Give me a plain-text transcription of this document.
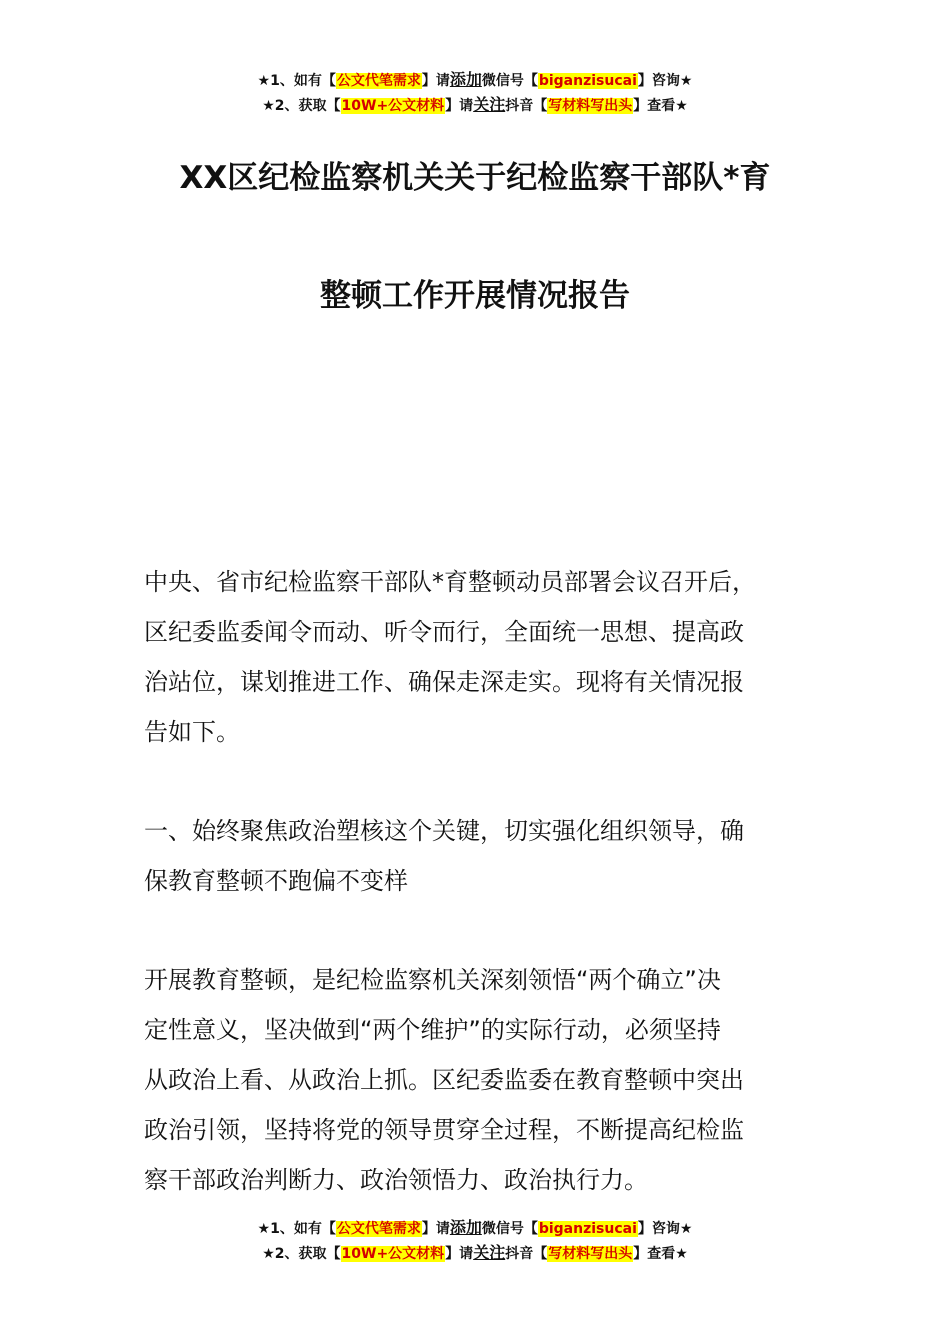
★1、如有【公文代笔需求】请添加微信号【biganzisucai】咨询★
★2、获取【10W+公文材料】请关注抖音【写材料写出头】查看★
XX区纪检监察机关关于纪检监察干部队*育
整顿工作开展情况报告
中央、省市纪检监察干部队*育整顿动员部署会议召开后，
区纪委监委闻令而动、听令而行，全面统一思想、提高政
治站位，谋划推进工作、确保走深走实。现将有关情况报
告如下。
一、始终聚焦政治塑核这个关键，切实强化组织领导，确
保教育整顿不跑偏不变样
开展教育整顿，是纪检监察机关深刻领悟“两个确立”决
定性意义，坚决做到“两个维护”的实际行动，必须坚持
从政治上看、从政治上抓。区纪委监委在教育整顿中突出
政治引领，坚持将党的领导贯穿全过程，不断提高纪检监
察干部政治判断力、政治领悟力、政治执行力。
★1、如有【公文代笔需求】请添加微信号【biganzisucai】咨询★
★2、获取【10W+公文材料】请关注抖音【写材料写出头】查看★
